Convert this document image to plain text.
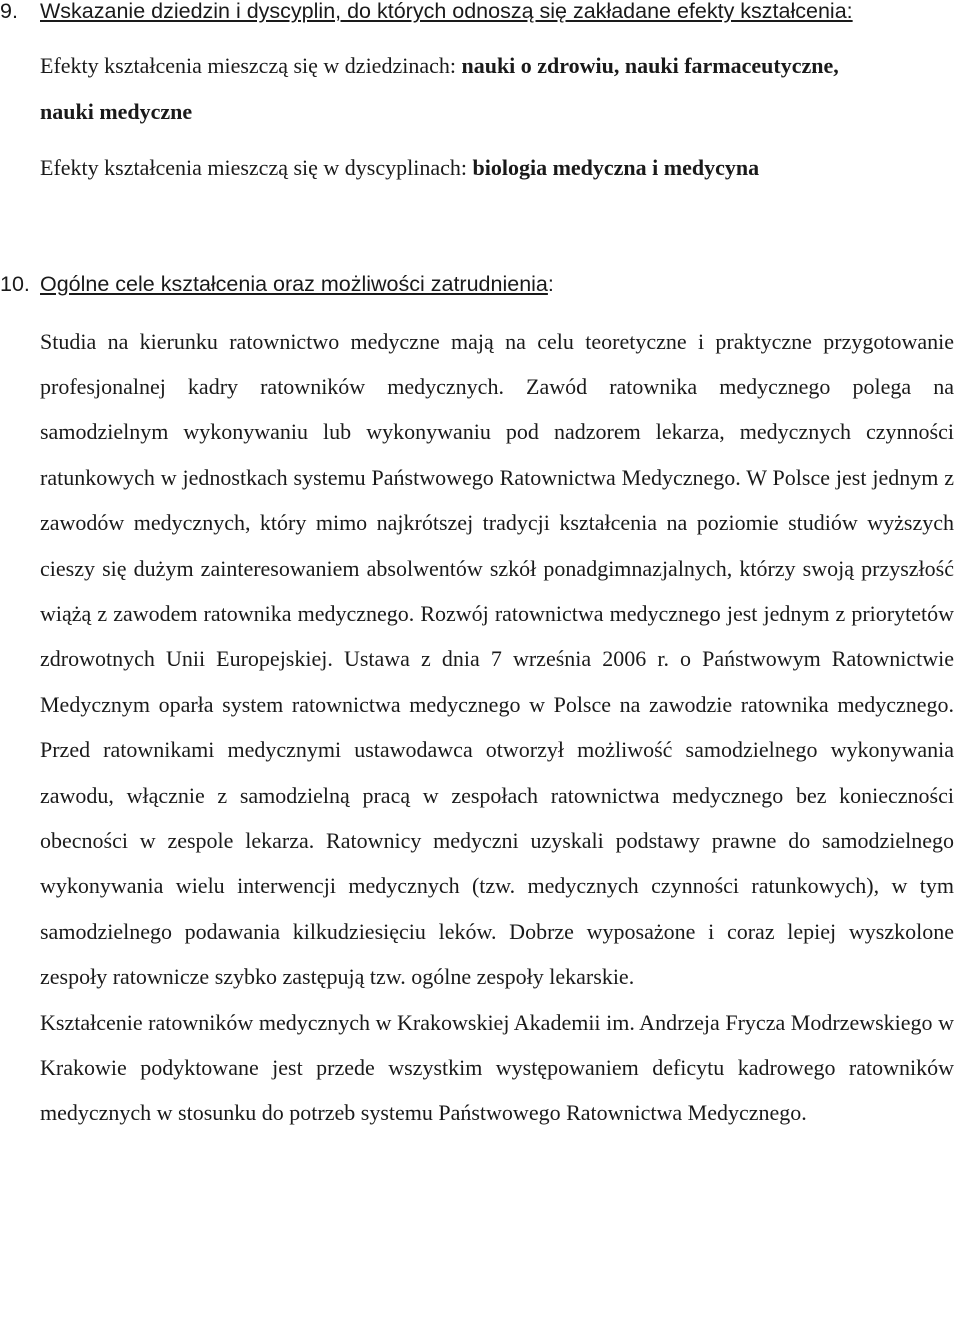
9. Wskazanie dziedzin i dyscyplin, do których odnoszą się zakładane efekty kształcenia:

Efekty kształcenia mieszczą się w dziedzinach: nauki o zdrowiu, nauki farmaceutyczne, nauki medyczne

Efekty kształcenia mieszczą się w dyscyplinach: biologia medyczna i medycyna

10. Ogólne cele kształcenia oraz możliwości zatrudnienia:

Studia na kierunku ratownictwo medyczne mają na celu teoretyczne i praktyczne przygotowanie profesjonalnej kadry ratowników medycznych. Zawód ratownika medycznego polega na samodzielnym wykonywaniu lub wykonywaniu pod nadzorem lekarza, medycznych czynności ratunkowych w jednostkach systemu Państwowego Ratownictwa Medycznego. W Polsce jest jednym z zawodów medycznych, który mimo najkrótszej tradycji kształcenia na poziomie studiów wyższych cieszy się dużym zainteresowaniem absolwentów szkół ponadgimnazjalnych, którzy swoją przyszłość wiążą z zawodem ratownika medycznego. Rozwój ratownictwa medycznego jest jednym z priorytetów zdrowotnych Unii Europejskiej. Ustawa z dnia 7 września 2006 r. o Państwowym Ratownictwie Medycznym oparła system ratownictwa medycznego w Polsce na zawodzie ratownika medycznego. Przed ratownikami medycznymi ustawodawca otworzył możliwość samodzielnego wykonywania zawodu, włącznie z samodzielną pracą w zespołach ratownictwa medycznego bez konieczności obecności w zespole lekarza. Ratownicy medyczni uzyskali podstawy prawne do samodzielnego wykonywania wielu interwencji medycznych (tzw. medycznych czynności ratunkowych), w tym samodzielnego podawania kilkudziesięciu leków. Dobrze wyposażone i coraz lepiej wyszkolone zespoły ratownicze szybko zastępują tzw. ogólne zespoły lekarskie.

Kształcenie ratowników medycznych w Krakowskiej Akademii im. Andrzeja Frycza Modrzewskiego w Krakowie podyktowane jest przede wszystkim występowaniem deficytu kadrowego ratowników medycznych w stosunku do potrzeb systemu Państwowego Ratownictwa Medycznego.
